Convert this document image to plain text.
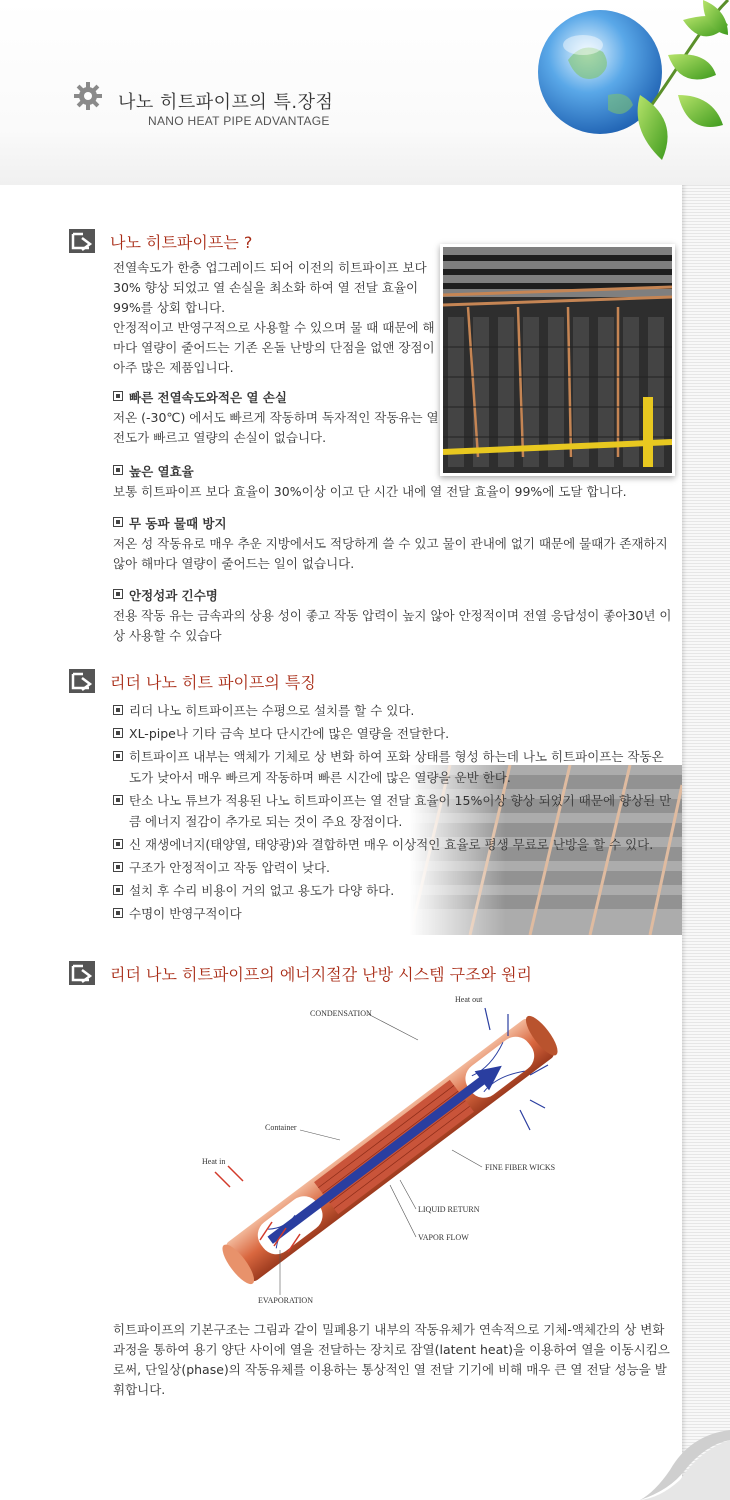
나노 히트파이프의 특.장점
NANO HEAT PIPE ADVANTAGE
나노 히트파이프는 ?
전열속도가 한층 업그레이드 되어 이전의 히트파이프 보다 30% 향상 되었고 열 손실을 최소화 하여 열 전달 효율이 99%를 상회 합니다.
안정적이고 반영구적으로 사용할 수 있으며 물 때 때문에 해마다 열량이 줄어드는 기존 온돌 난방의 단점을 없앤 장점이 아주 많은 제품입니다.
빠른 전열속도와적은 열 손실
저온 (-30℃) 에서도 빠르게 작동하며 독자적인 작동유는 열전도가 빠르고 열량의 손실이 없습니다.
높은 열효율
보통 히트파이프 보다 효율이 30%이상 이고 단 시간 내에 열 전달 효율이 99%에 도달 합니다.
무 동파 물때 방지
저온 성 작동유로 매우 추운 지방에서도 적당하게 쓸 수 있고 물이 관내에 없기 때문에 물때가 존재하지 않아 해마다 열량이 줄어드는 일이 없습니다.
안정성과 긴수명
전용 작동 유는 금속과의 상용 성이 좋고 작동 압력이 높지 않아 안정적이며 전열 응답성이 좋아30년 이상 사용할 수 있습다
리더 나노 히트 파이프의 특징
리더 나노 히트파이프는 수평으로 설치를 할 수 있다.
XL-pipe나 기타 금속 보다 단시간에 많은 열량을 전달한다.
히트파이프 내부는 액체가 기체로 상 변화 하여 포화 상태를 형성 하는데 나노 히트파이프는 작동온도가 낮아서 매우 빠르게 작동하며 빠른 시간에 많은 열량을 운반 한다.
탄소 나노 튜브가 적용된 나노 히트파이프는 열 전달 효율이 15%이상 향상 되었기 때문에 향상된 만큼 에너지 절감이 추가로 되는 것이 주요 장점이다.
신 재생에너지(태양열, 태양광)와 결합하면 매우 이상적인 효율로 평생 무료로 난방을 할 수 있다.
구조가 안정적이고 작동 압력이 낮다.
설치 후 수리 비용이 거의 없고 용도가 다양 하다.
수명이 반영구적이다
리더 나노 히트파이프의 에너지절감 난방 시스템 구조와 원리
Heat out
CONDENSATION
Container
Heat in
FINE FIBER WICKS
LIQUID RETURN
VAPOR FLOW
EVAPORATION
히트파이프의 기본구조는 그림과 같이 밀폐용기 내부의 작동유체가 연속적으로 기체-액체간의 상 변화 과정을 통하여 용기 양단 사이에 열을 전달하는 장치로 잠열(latent heat)을 이용하여 열을 이동시킴으로써, 단일상(phase)의 작동유체를 이용하는 통상적인 열 전달 기기에 비해 매우 큰 열 전달 성능을 발휘합니다.
